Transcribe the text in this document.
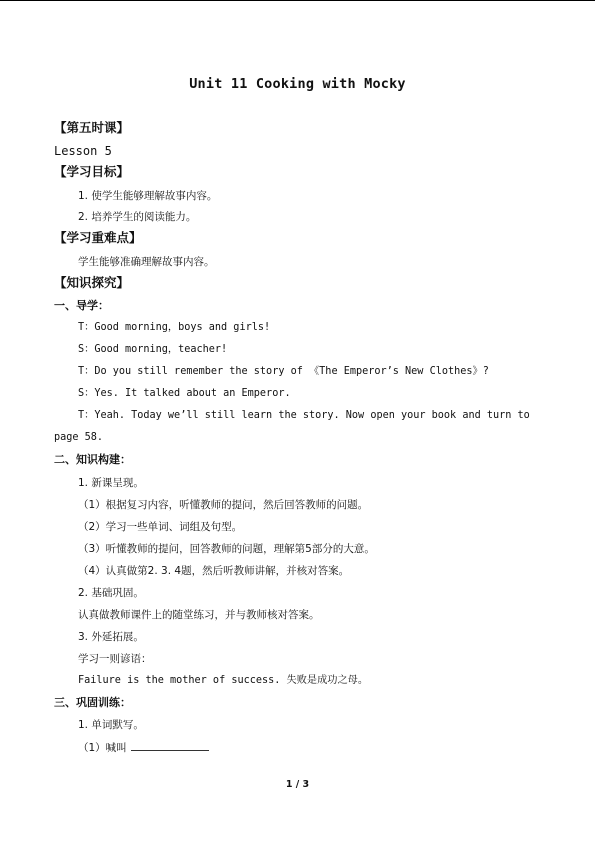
Unit 11 Cooking with Mocky
【第五时课】
Lesson 5
【学习目标】
1. 使学生能够理解故事内容。
2. 培养学生的阅读能力。
【学习重难点】
学生能够准确理解故事内容。
【知识探究】
一、导学：
T：Good morning，boys and girls!
S：Good morning，teacher!
T：Do you still remember the story of 《The Emperor’s New Clothes》?
S：Yes. It talked about an Emperor.
T：Yeah. Today we’ll still learn the story. Now open your book and turn to
page 58.
二、知识构建：
1. 新课呈现。
（1）根据复习内容，听懂教师的提问，然后回答教师的问题。
（2）学习一些单词、词组及句型。
（3）听懂教师的提问，回答教师的问题，理解第5部分的大意。
（4）认真做第2. 3. 4题，然后听教师讲解，并核对答案。
2. 基础巩固。
认真做教师课件上的随堂练习，并与教师核对答案。
3. 外延拓展。
学习一则谚语：
Failure is the mother of success. 失败是成功之母。
三、巩固训练：
1. 单词默写。
（1）喊叫
1 / 3
